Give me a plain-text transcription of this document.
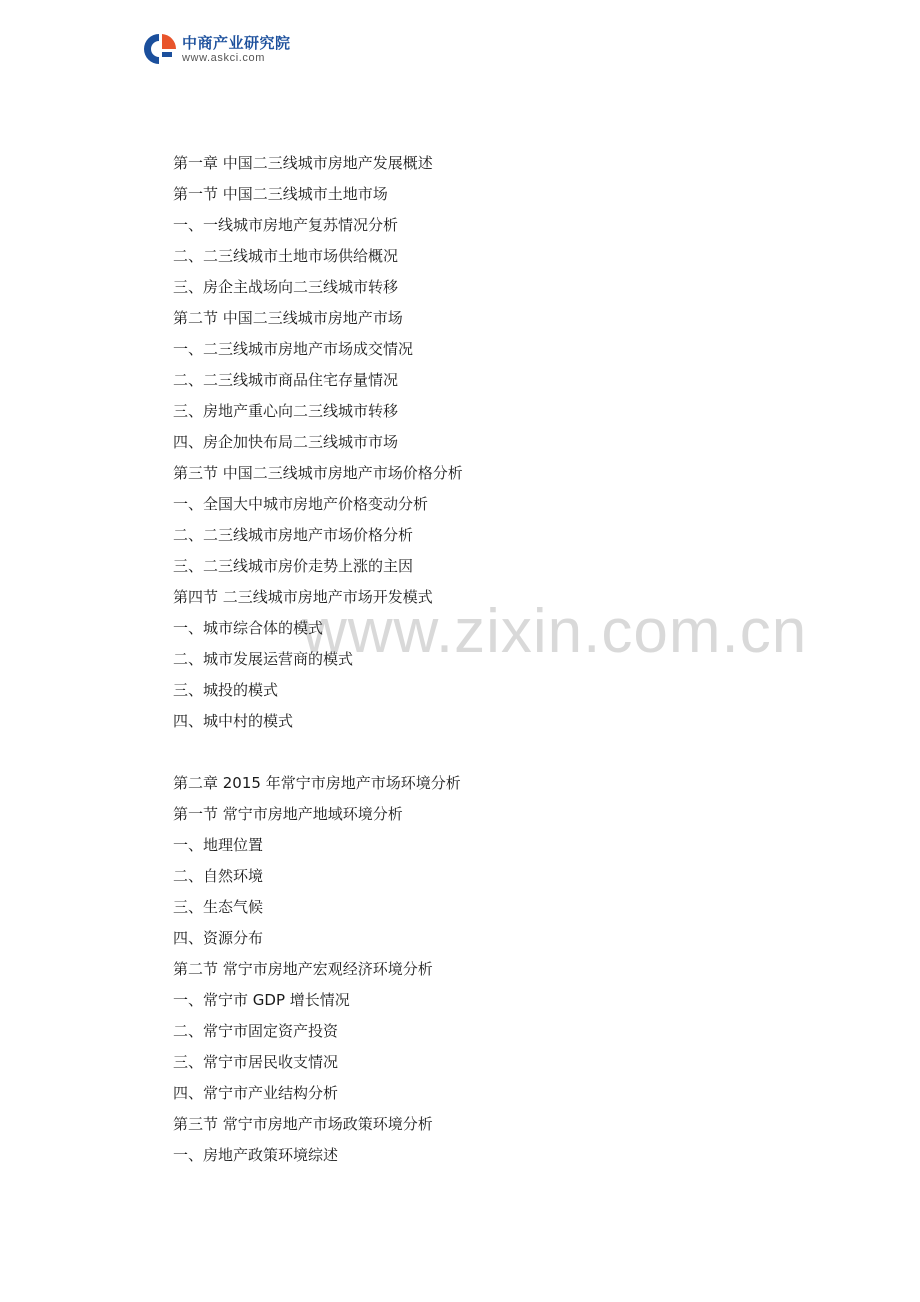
中商产业研究院
www.askci.com
www.zixin.com.cn
第一章 中国二三线城市房地产发展概述
第一节 中国二三线城市土地市场
一、一线城市房地产复苏情况分析
二、二三线城市土地市场供给概况
三、房企主战场向二三线城市转移
第二节 中国二三线城市房地产市场
一、二三线城市房地产市场成交情况
二、二三线城市商品住宅存量情况
三、房地产重心向二三线城市转移
四、房企加快布局二三线城市市场
第三节 中国二三线城市房地产市场价格分析
一、全国大中城市房地产价格变动分析
二、二三线城市房地产市场价格分析
三、二三线城市房价走势上涨的主因
第四节 二三线城市房地产市场开发模式
一、城市综合体的模式
二、城市发展运营商的模式
三、城投的模式
四、城中村的模式
第二章 2015 年常宁市房地产市场环境分析
第一节 常宁市房地产地域环境分析
一、地理位置
二、自然环境
三、生态气候
四、资源分布
第二节 常宁市房地产宏观经济环境分析
一、常宁市 GDP 增长情况
二、常宁市固定资产投资
三、常宁市居民收支情况
四、常宁市产业结构分析
第三节 常宁市房地产市场政策环境分析
一、房地产政策环境综述
